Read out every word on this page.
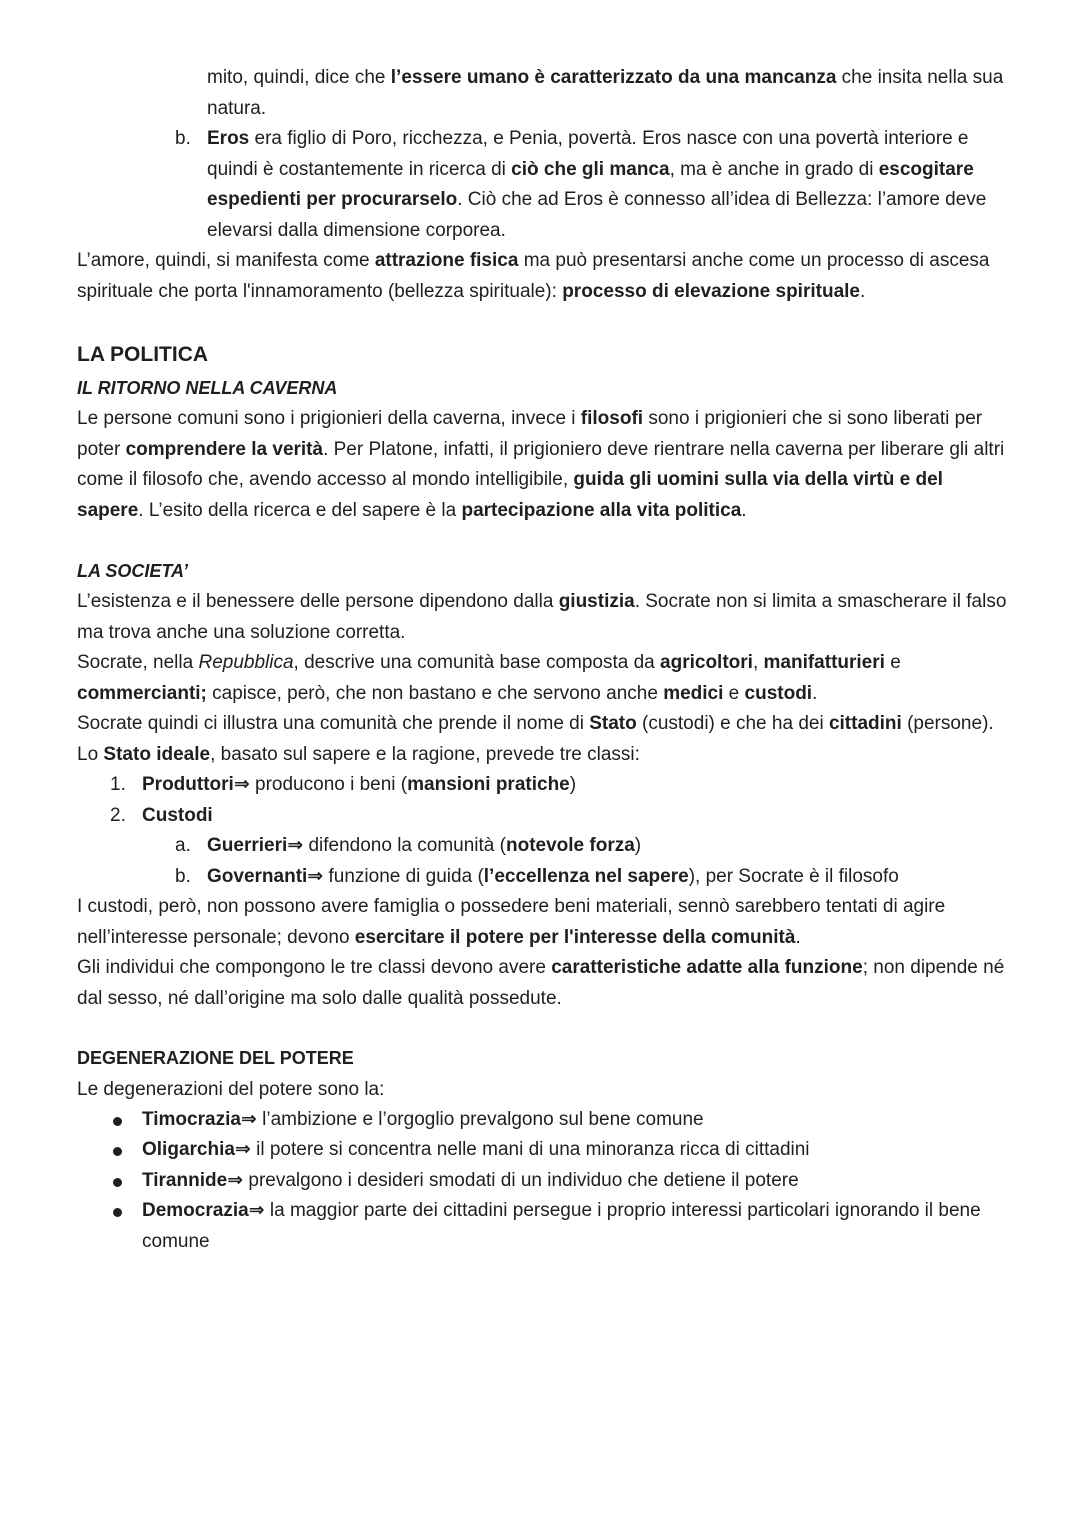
mito, quindi, dice che l’essere umano è caratterizzato da una mancanza che insita nella sua natura.

b. Eros era figlio di Poro, ricchezza, e Penia, povertà. Eros nasce con una povertà interiore e quindi è costantemente in ricerca di ciò che gli manca, ma è anche in grado di escogitare espedienti per procurarselo. Ciò che ad Eros è connesso all’idea di Bellezza: l’amore deve elevarsi dalla dimensione corporea.

L’amore, quindi, si manifesta come attrazione fisica ma può presentarsi anche come un processo di ascesa spirituale che porta l'innamoramento (bellezza spirituale): processo di elevazione spirituale.

LA POLITICA
IL RITORNO NELLA CAVERNA

Le persone comuni sono i prigionieri della caverna, invece i filosofi sono i prigionieri che si sono liberati per poter comprendere la verità. Per Platone, infatti, il prigioniero deve rientrare nella caverna per liberare gli altri come il filosofo che, avendo accesso al mondo intelligibile, guida gli uomini sulla via della virtù e del sapere. L’esito della ricerca e del sapere è la partecipazione alla vita politica.

LA SOCIETA’

L’esistenza e il benessere delle persone dipendono dalla giustizia. Socrate non si limita a smascherare il falso ma trova anche una soluzione corretta.

Socrate, nella Repubblica, descrive una comunità base composta da agricoltori, manifatturieri e commercianti; capisce, però, che non bastano e che servono anche medici e custodi.

Socrate quindi ci illustra una comunità che prende il nome di Stato (custodi) e che ha dei cittadini (persone). Lo Stato ideale, basato sul sapere e la ragione, prevede tre classi:

1. Produttori⇒ producono i beni (mansioni pratiche)

2. Custodi

a. Guerrieri⇒ difendono la comunità (notevole forza)

b. Governanti⇒ funzione di guida (l’eccellenza nel sapere), per Socrate è il filosofo

I custodi, però, non possono avere famiglia o possedere beni materiali, sennò sarebbero tentati di agire nell’interesse personale; devono esercitare il potere per l'interesse della comunità.

Gli individui che compongono le tre classi devono avere caratteristiche adatte alla funzione; non dipende né dal sesso, né dall’origine ma solo dalle qualità possedute.

DEGENERAZIONE DEL POTERE

Le degenerazioni del potere sono la:

Timocrazia⇒ l’ambizione e l’orgoglio prevalgono sul bene comune

Oligarchia⇒ il potere si concentra nelle mani di una minoranza ricca di cittadini

Tirannide⇒ prevalgono i desideri smodati di un individuo che detiene il potere

Democrazia⇒ la maggior parte dei cittadini persegue i proprio interessi particolari ignorando il bene comune
